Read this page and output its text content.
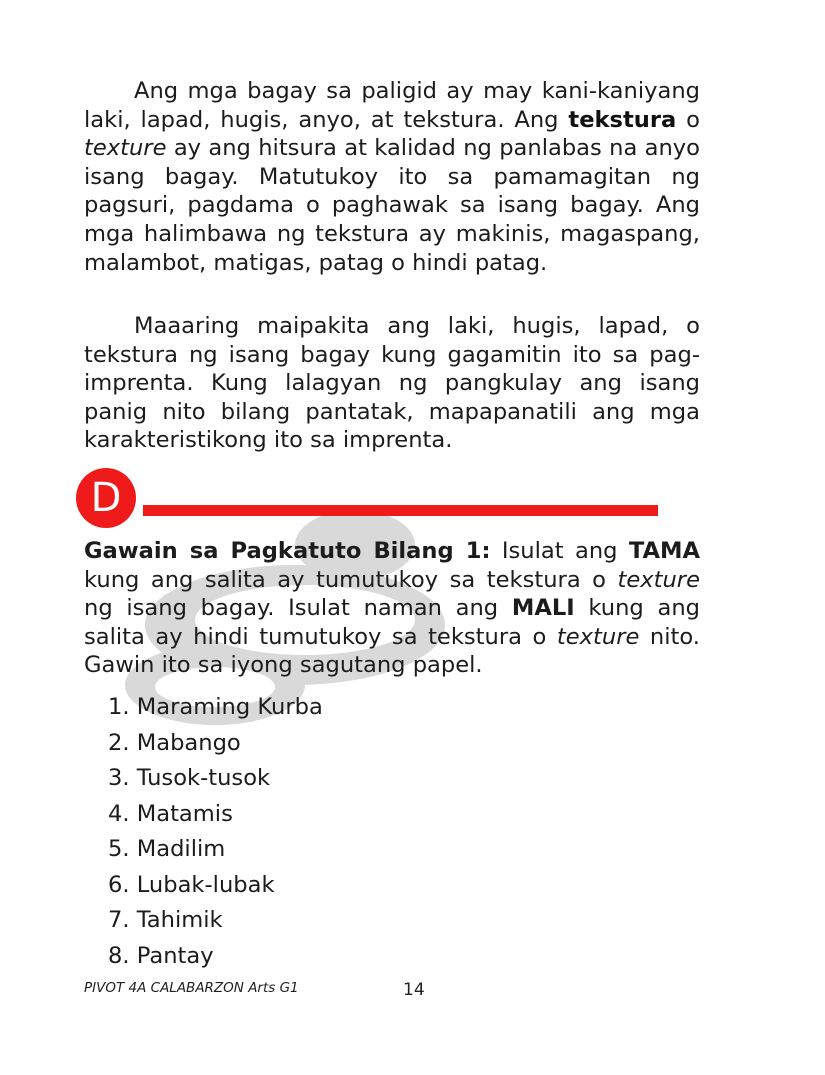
Ang mga bagay sa paligid ay may kani-kaniyang laki, lapad, hugis, anyo, at tekstura. Ang tekstura o texture ay ang hitsura at kalidad ng panlabas na anyo isang bagay. Matutukoy ito sa pamamagitan ng pagsuri, pagdama o paghawak sa isang bagay. Ang mga halimbawa ng tekstura ay makinis, magaspang, malambot, matigas, patag o hindi patag.

Maaaring maipakita ang laki, hugis, lapad, o tekstura ng isang bagay kung gagamitin ito sa pag-imprenta. Kung lalagyan ng pangkulay ang isang panig nito bilang pantatak, mapapanatili ang mga karakteristikong ito sa imprenta.

D

Gawain sa Pagkatuto Bilang 1: Isulat ang TAMA kung ang salita ay tumutukoy sa tekstura o texture ng isang bagay. Isulat naman ang MALI kung ang salita ay hindi tumutukoy sa tekstura o texture nito. Gawin ito sa iyong sagutang papel.

1. Maraming Kurba
2. Mabango
3. Tusok-tusok
4. Matamis
5. Madilim
6. Lubak-lubak
7. Tahimik
8. Pantay
PIVOT 4A CALABARZON Arts G1	14
